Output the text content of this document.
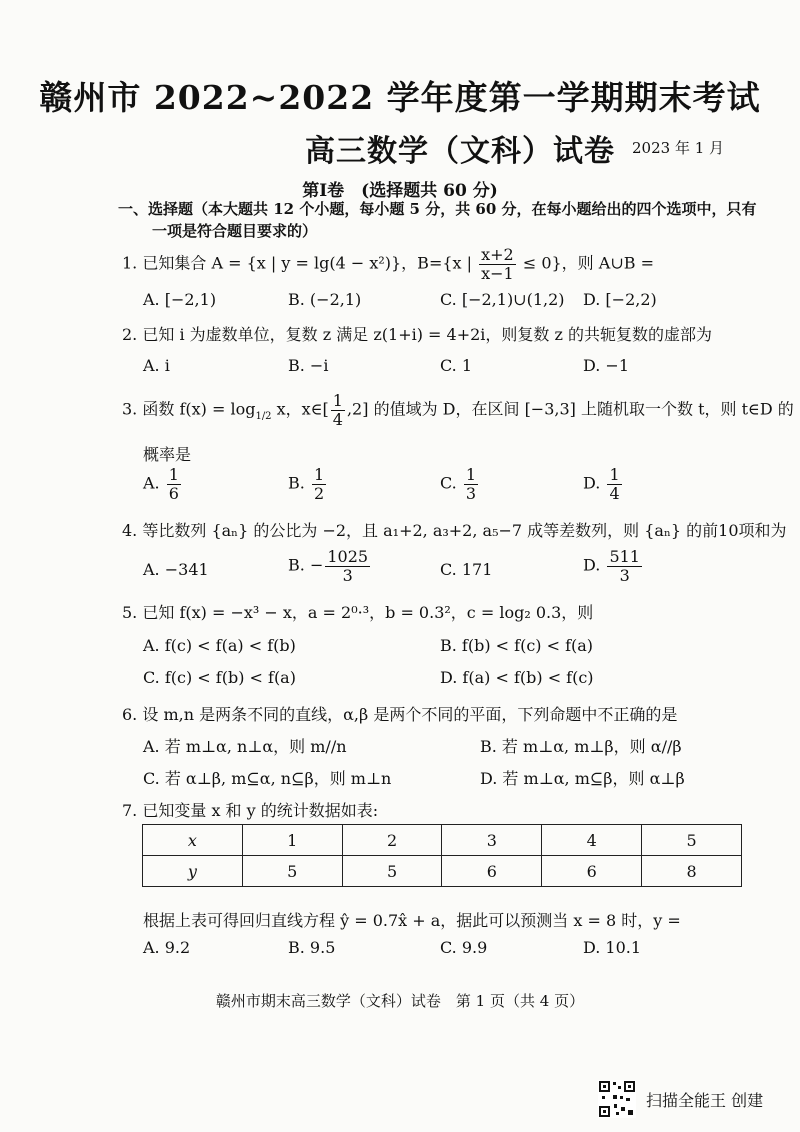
赣州市 2022~2022 学年度第一学期期末考试
高三数学（文科）试卷 2023 年 1 月
第Ⅰ卷　(选择题共 60 分)
一、选择题（本大题共 12 个小题，每小题 5 分，共 60 分，在每小题给出的四个选项中，只有
一项是符合题目要求的）
1. 已知集合 A = {x | y = lg(4 − x²)}，B={x | $\frac{x+2}{x-1} \le 0$}，则 A∪B =
A. [−2,1)	B. (−2,1)	C. [−2,1)∪(1,2) D. [−2,2)
2. 已知 i 为虚数单位，复数 z 满足 z(1+i) = 4+2i，则复数 z 的共轭复数的虚部为
A. i	B. −i	C. 1	D. −1
3. 函数 $f(x) = \log_{1/2} x$，x∈[ $\frac{1}{4} ,2$] 的值域为 D，在区间 [−3,3] 上随机取一个数 t，则 t∈D 的
概率是
A. $\frac{1}{6}$	B. $\frac{1}{2}$	C. $\frac{1}{3}$	D. $\frac{1}{4}$
4. 等比数列 {aₙ} 的公比为 −2，且 a₁+2, a₃+2, a₅−7 成等差数列，则 {aₙ} 的前10项和为
A. −341	B. − $\frac{1025}{3}$	C. 171	D. $\frac{511}{3}$
5. 已知 f(x) = −x³ − x，a = 2⁰·³，b = 0.3²，c = log₂ 0.3，则
A. f(c) < f(a) < f(b)	B. f(b) < f(c) < f(a)
C. f(c) < f(b) < f(a)	D. f(a) < f(b) < f(c)
6. 设 m,n 是两条不同的直线，α,β 是两个不同的平面，下列命题中不正确的是
A. 若 m⊥α, n⊥α，则 m//n	B. 若 m⊥α, m⊥β，则 α//β
C. 若 α⊥β, m⊆α, n⊆β，则 m⊥n	D. 若 m⊥α, m⊆β，则 α⊥β
7. 已知变量 x 和 y 的统计数据如表:
x	1	2	3	4	5
y	5	5	6	6	8
根据上表可得回归直线方程 ŷ = 0.7x̂ + a，据此可以预测当 x = 8 时，y =
A. 9.2	B. 9.5	C. 9.9	D. 10.1
赣州市期末高三数学（文科）试卷　第 1 页（共 4 页）
扫描全能王 创建
